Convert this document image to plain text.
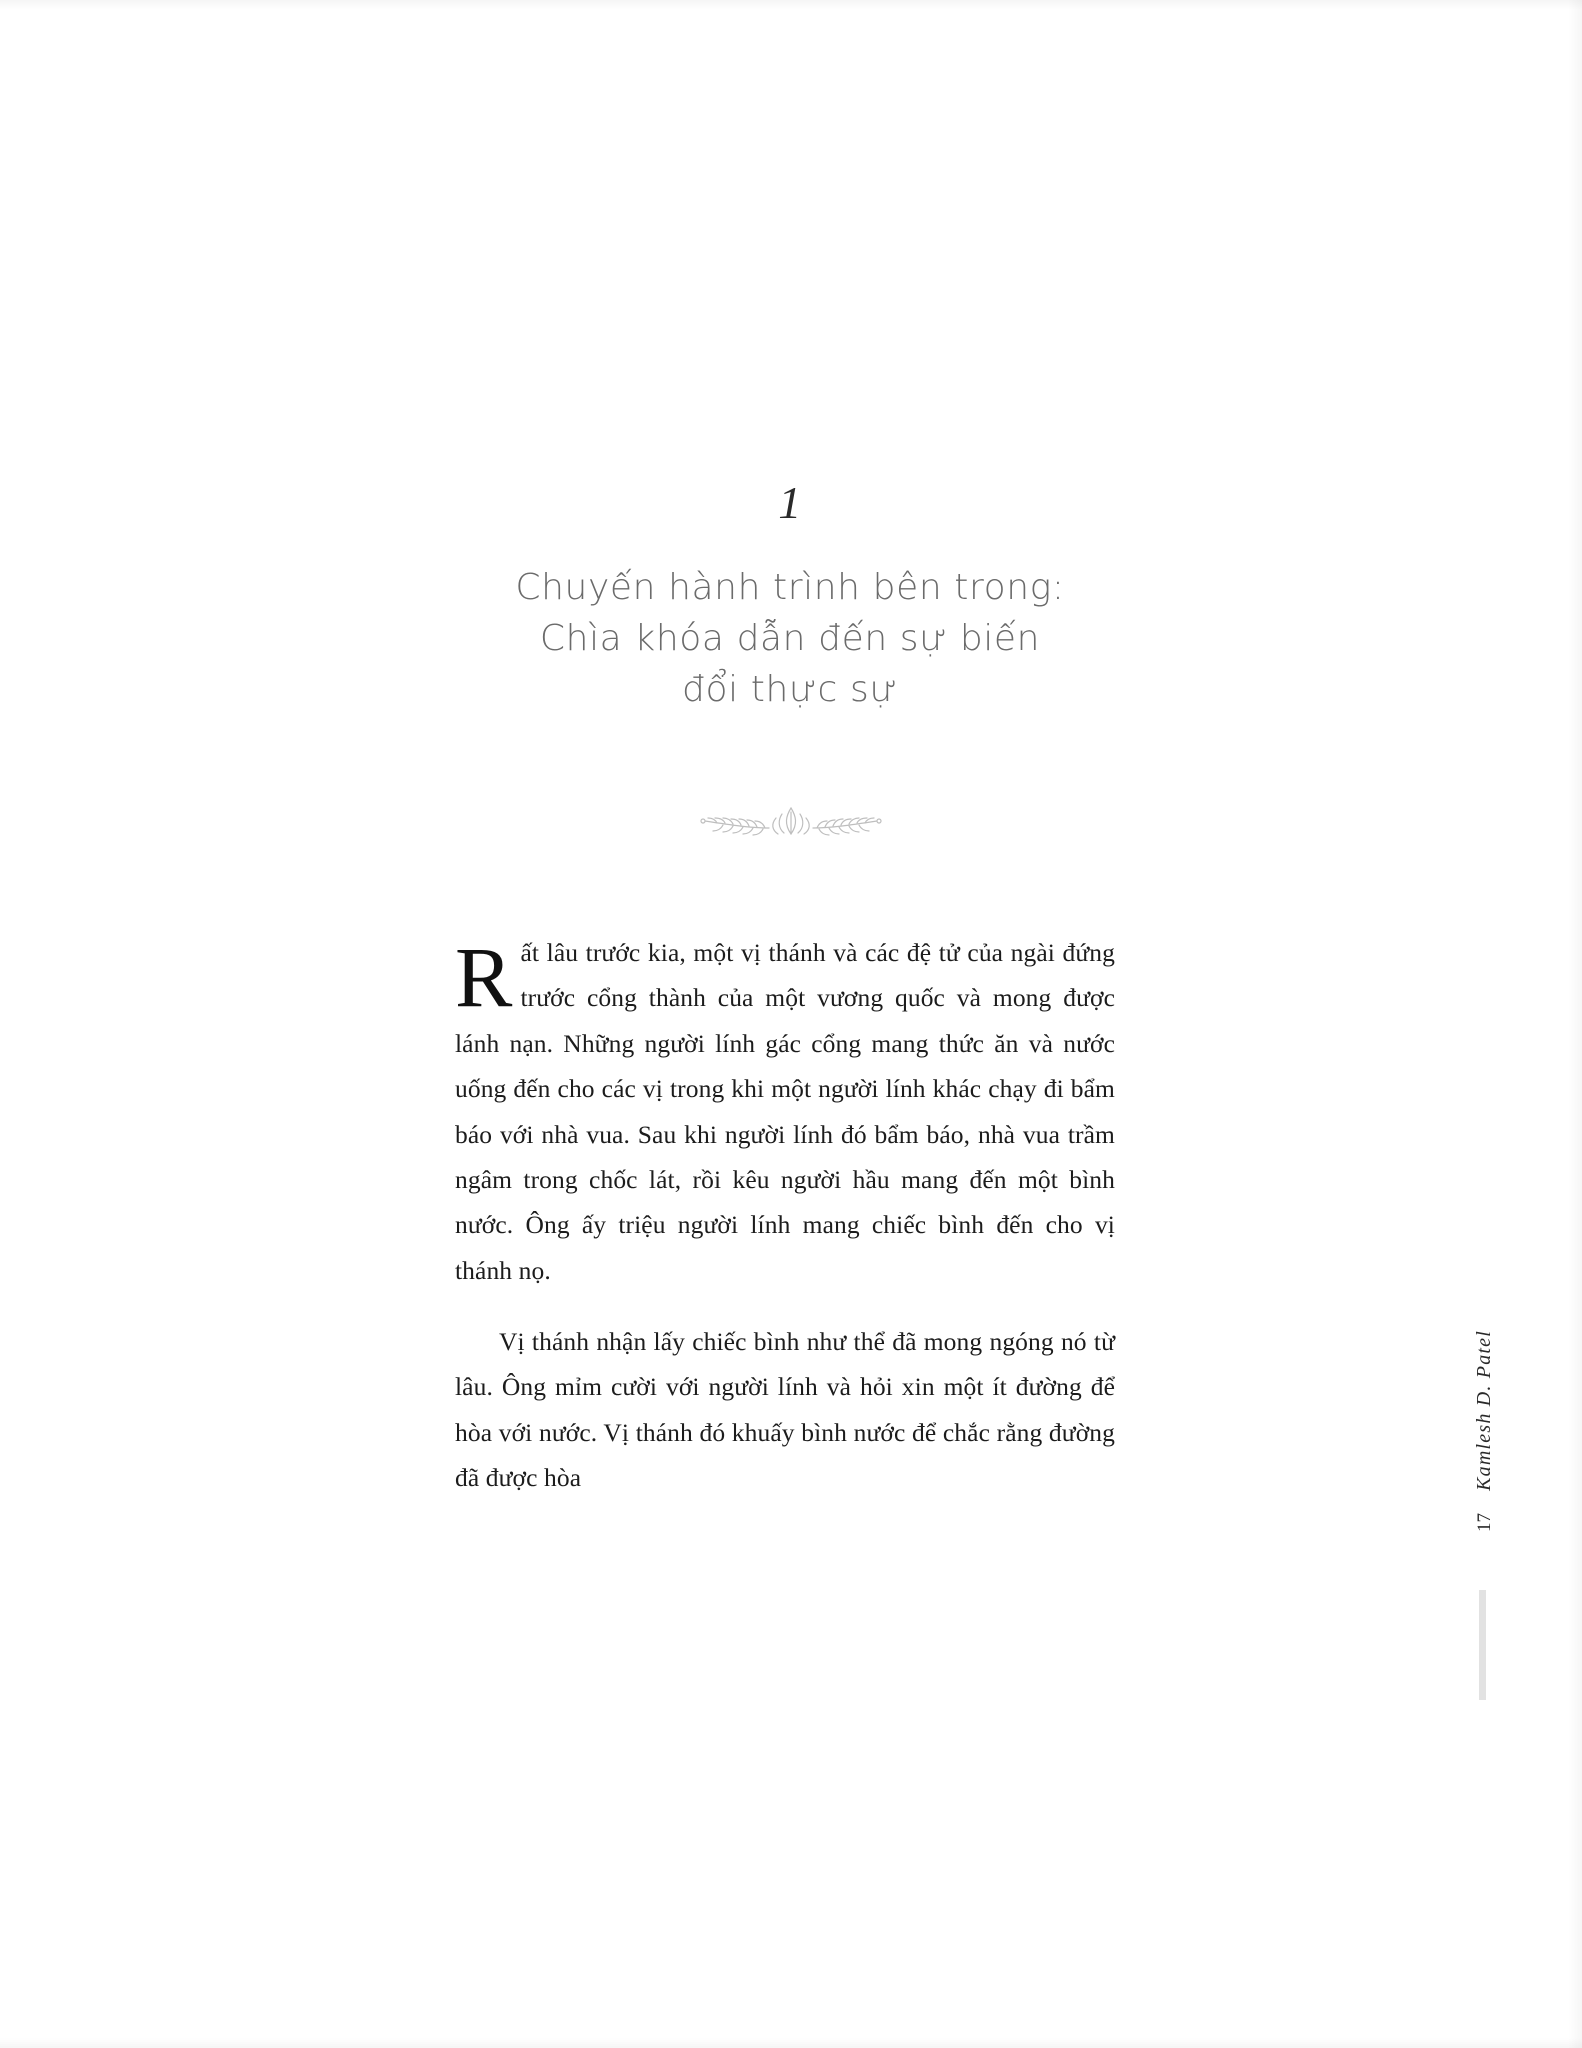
1
Chuyến hành trình bên trong:
Chìa khóa dẫn đến sự biến
đổi thực sự

Rất lâu trước kia, một vị thánh và các đệ tử của ngài đứng trước cổng thành của một vương quốc và mong được lánh nạn. Những người lính gác cổng mang thức ăn và nước uống đến cho các vị trong khi một người lính khác chạy đi bẩm báo với nhà vua. Sau khi người lính đó bẩm báo, nhà vua trầm ngâm trong chốc lát, rồi kêu người hầu mang đến một bình nước. Ông ấy triệu người lính mang chiếc bình đến cho vị thánh nọ.

Vị thánh nhận lấy chiếc bình như thể đã mong ngóng nó từ lâu. Ông mỉm cười với người lính và hỏi xin một ít đường để hòa với nước. Vị thánh đó khuấy bình nước để chắc rằng đường đã được hòa	Kamlesh D. Patel
17
